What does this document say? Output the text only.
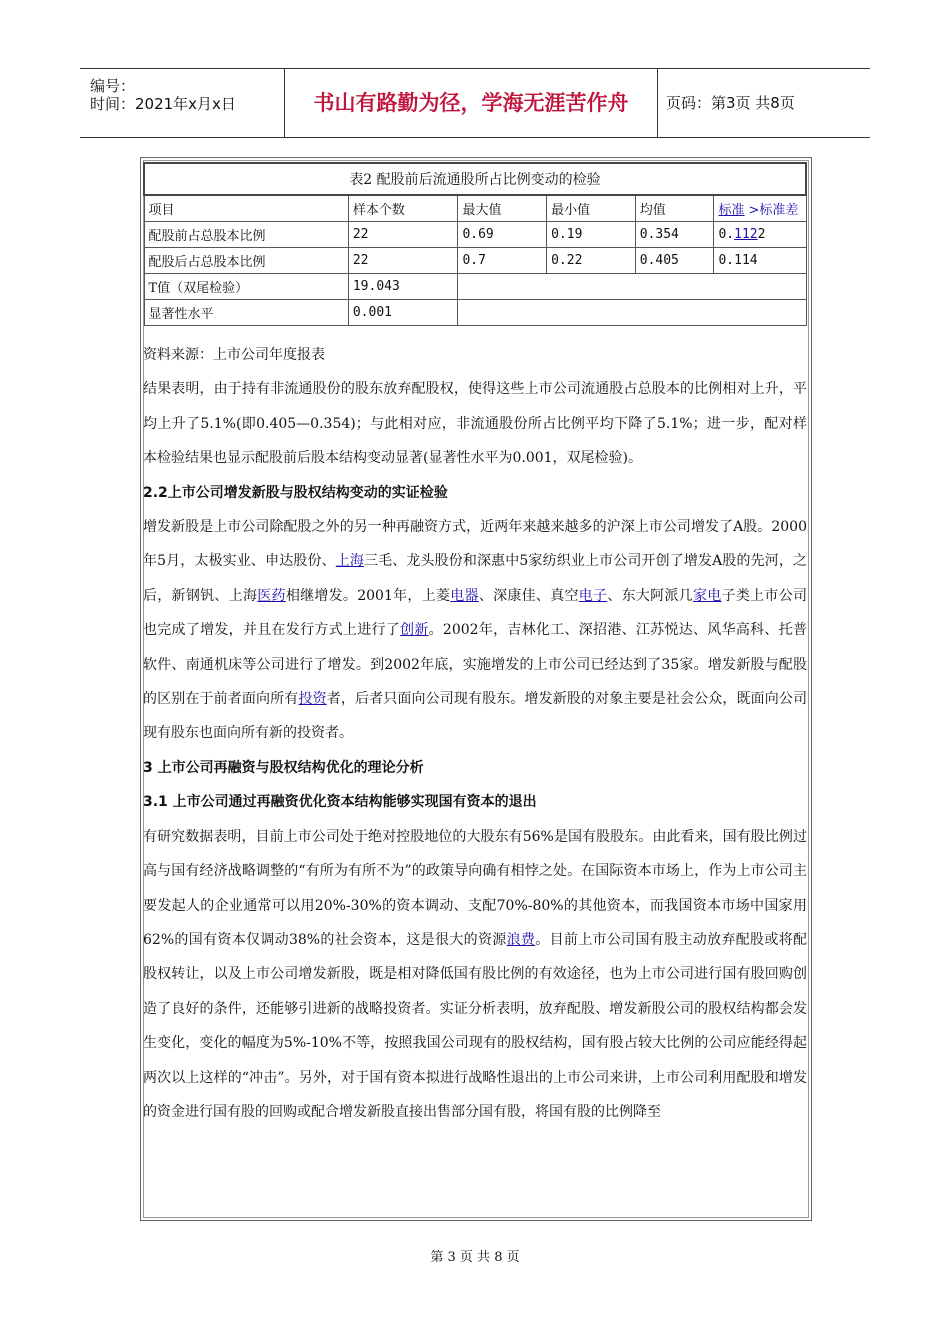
编号：
时间：2021年x月x日	书山有路勤为径，学海无涯苦作舟	页码：第3页 共8页
表2 配股前后流通股所占比例变动的检验					
项目	样本个数	最大值	最小值	均值	标准 >标准差
配股前占总股本比例	22	0.69	0.19	0.354	0.1122
配股后占总股本比例	22	0.7	0.22	0.405	0.114
T值（双尾检验）	19.043				
显著性水平	0.001				

资料来源：上市公司年度报表

结果表明，由于持有非流通股份的股东放弃配股权，使得这些上市公司流通股占总股本的比例相对上升，平均上升了5.1%(即0.405—0.354)；与此相对应，非流通股份所占比例平均下降了5.1%；进一步，配对样本检验结果也显示配股前后股本结构变动显著(显著性水平为0.001，双尾检验)。

2.2上市公司增发新股与股权结构变动的实证检验

增发新股是上市公司除配股之外的另一种再融资方式，近两年来越来越多的沪深上市公司增发了A股。2000年5月，太极实业、申达股份、上海三毛、龙头股份和深惠中5家纺织业上市公司开创了增发A股的先河，之后，新钢钒、上海医药相继增发。2001年，上菱电器、深康佳、真空电子、东大阿派几家电子类上市公司也完成了增发，并且在发行方式上进行了创新。2002年，吉林化工、深招港、江苏悦达、风华高科、托普软件、南通机床等公司进行了增发。到2002年底，实施增发的上市公司已经达到了35家。增发新股与配股的区别在于前者面向所有投资者，后者只面向公司现有股东。增发新股的对象主要是社会公众，既面向公司现有股东也面向所有新的投资者。

3 上市公司再融资与股权结构优化的理论分析

3.1 上市公司通过再融资优化资本结构能够实现国有资本的退出

有研究数据表明，目前上市公司处于绝对控股地位的大股东有56%是国有股股东。由此看来，国有股比例过高与国有经济战略调整的“有所为有所不为”的政策导向确有相悖之处。在国际资本市场上，作为上市公司主要发起人的企业通常可以用20%-30%的资本调动、支配70%-80%的其他资本，而我国资本市场中国家用62%的国有资本仅调动38%的社会资本，这是很大的资源浪费。目前上市公司国有股主动放弃配股或将配股权转让，以及上市公司增发新股，既是相对降低国有股比例的有效途径，也为上市公司进行国有股回购创造了良好的条件，还能够引进新的战略投资者。实证分析表明，放弃配股、增发新股公司的股权结构都会发生变化，变化的幅度为5%-10%不等，按照我国公司现有的股权结构，国有股占较大比例的公司应能经得起两次以上这样的“冲击”。另外，对于国有资本拟进行战略性退出的上市公司来讲，上市公司利用配股和增发的资金进行国有股的回购或配合增发新股直接出售部分国有股，将国有股的比例降至

第 3 页 共 8 页
